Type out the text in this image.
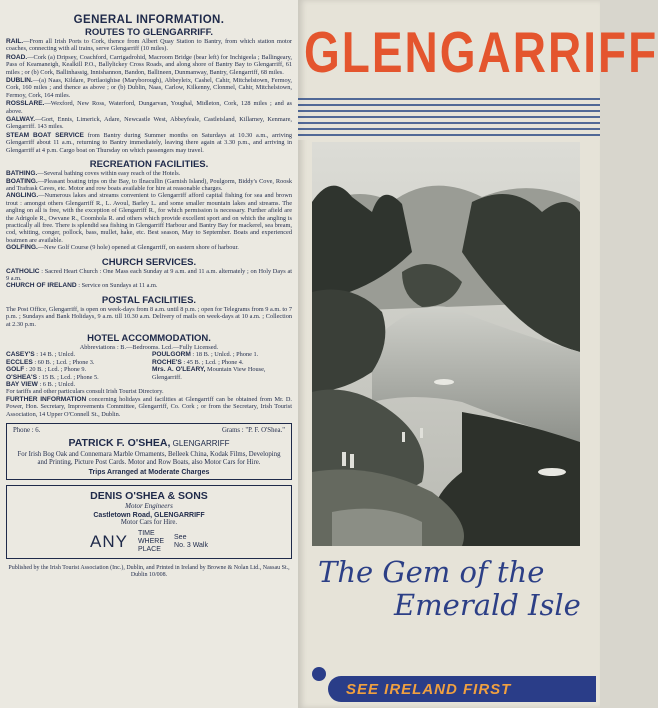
GENERAL INFORMATION.
ROUTES TO GLENGARRIFF.

RAIL.—From all Irish Ports to Cork, thence from Albert Quay Station to Bantry, from which station motor coaches, connecting with all trains, serve Glengarriff (10 miles).

ROAD.—Cork (a) Dripsey, Coachford, Carrigadrohid, Macroom Bridge (bear left) for Inchigeela ; Ballingeary, Pass of Keamaneigh, Kealkill P.O., Ballylickey Cross Roads, and along shore of Bantry Bay to Glengarriff, 61 miles ; or (b) Cork, Ballinhassig, Innishannon, Bandon, Ballineen, Dunmanway, Bantry, Glengarriff, 68 miles.

DUBLIN.—(a) Naas, Kildare, Portlaoighise (Maryborough), Abbeyleix, Cashel, Cahir, Mitchelstown, Fermoy, Cork, 160 miles ; and thence as above ; or (b) Dublin, Naas, Carlow, Kilkenny, Clonmel, Cahir, Mitchelstown, Fermoy, Cork, 164 miles.

ROSSLARE.—Wexford, New Ross, Waterford, Dungarvan, Youghal, Midleton, Cork, 128 miles ; and as above.

GALWAY.—Gort, Ennis, Limerick, Adare, Newcastle West, Abbeyfeale, Castleisland, Killarney, Kenmare, Glengarriff. 143 miles.

STEAM BOAT SERVICE from Bantry during Summer months on Saturdays at 10.30 a.m., arriving Glengarriff about 11 a.m., returning to Bantry immediately, leaving there again at 3.30 p.m., and arriving in Glengarriff at 4 p.m. Cargo boat on Thursday on which passengers may travel.

RECREATION FACILITIES.

BATHING.—Several bathing coves within easy reach of the Hotels.

BOATING.—Pleasant boating trips on the Bay, to Ilnacullin (Garnish Island), Poulgorm, Biddy's Cove, Roosk and Trafrask Caves, etc. Motor and row boats available for hire at reasonable charges.

ANGLING.—Numerous lakes and streams convenient to Glengarriff afford capital fishing for sea and brown trout : amongst others Glengarriff R., L. Avoul, Barley L. and some smaller mountain lakes and streams. The angling on all is free, with the exception of Glengarriff R., for which permission is necessary. Further afield are the Adrigole R., Owvane R., Coomhola R. and others which provide excellent sport and on which the angling is practically all free. There is splendid sea fishing in Glengarriff Harbour and Bantry Bay for mackerel, sea bream, cod, whiting, conger, pollock, bass, mullet, hake, etc. Best season, May to September. Boats and experienced boatmen are available.

GOLFING.—New Golf Course (9 hole) opened at Glengarriff, on eastern shore of harbour.

CHURCH SERVICES.

CATHOLIC : Sacred Heart Church : One Mass each Sunday at 9 a.m. and 11 a.m. alternately ; on Holy Days at 9 a.m.

CHURCH OF IRELAND : Service on Sundays at 11 a.m.

POSTAL FACILITIES.

The Post Office, Glengarriff, is open on week-days from 8 a.m. until 8 p.m. ; open for Telegrams from 9 a.m. to 7 p.m. ; Sundays and Bank Holidays, 9 a.m. till 10.30 a.m. Delivery of mails on week-days at 10 a.m. ; Collection at 2.30 p.m.

HOTEL ACCOMMODATION.
Abbreviations : B.—Bedrooms. Lcd.—Fully Licensed.
CASEY'S : 14 B. ; Unlcd.
ECCLES : 60 B. ; Lcd. ; Phone 3.
GOLF : 20 B. ; Lcd. ; Phone 9.
O'SHEA'S : 15 B. ; Lcd. ; Phone 5.
BAY VIEW : 6 B. ; Unlcd.
POULGORM : 18 B. ; Unlcd. ; Phone 1.
ROCHE'S : 45 B. ; Lcd. ; Phone 4.
Mrs. A. O'LEARY, Mountain View House, Glengarriff.

For tariffs and other particulars consult Irish Tourist Directory.

FURTHER INFORMATION concerning holidays and facilities at Glengarriff can be obtained from Mr. D. Power, Hon. Secretary, Improvements Committee, Glengarriff, Co. Cork ; or from the Secretary, Irish Tourist Association, 14 Upper O'Connell St., Dublin.

Phone : 6.	Grams : "P. F. O'Shea."
PATRICK F. O'SHEA, GLENGARRIFF
For Irish Bog Oak and Connemara Marble Ornaments, Belleek China, Kodak Films, Developing and Printing, Picture Post Cards. Motor and Row Boats, also Motor Cars for Hire.
Trips Arranged at Moderate Charges
DENIS O'SHEA & SONS
Motor Engineers
Castletown Road, GLENGARRIFF
Motor Cars for Hire.
ANY TIME
WHERE
PLACE
See
No. 3 Walk
Published by the Irish Tourist Association (Inc.), Dublin, and Printed in Ireland by Browne & Nolan Ltd., Nassau St., Dublin 10/008.
GLENGARRIFF
The Gem of the
Emerald Isle
SEE IRELAND FIRST
